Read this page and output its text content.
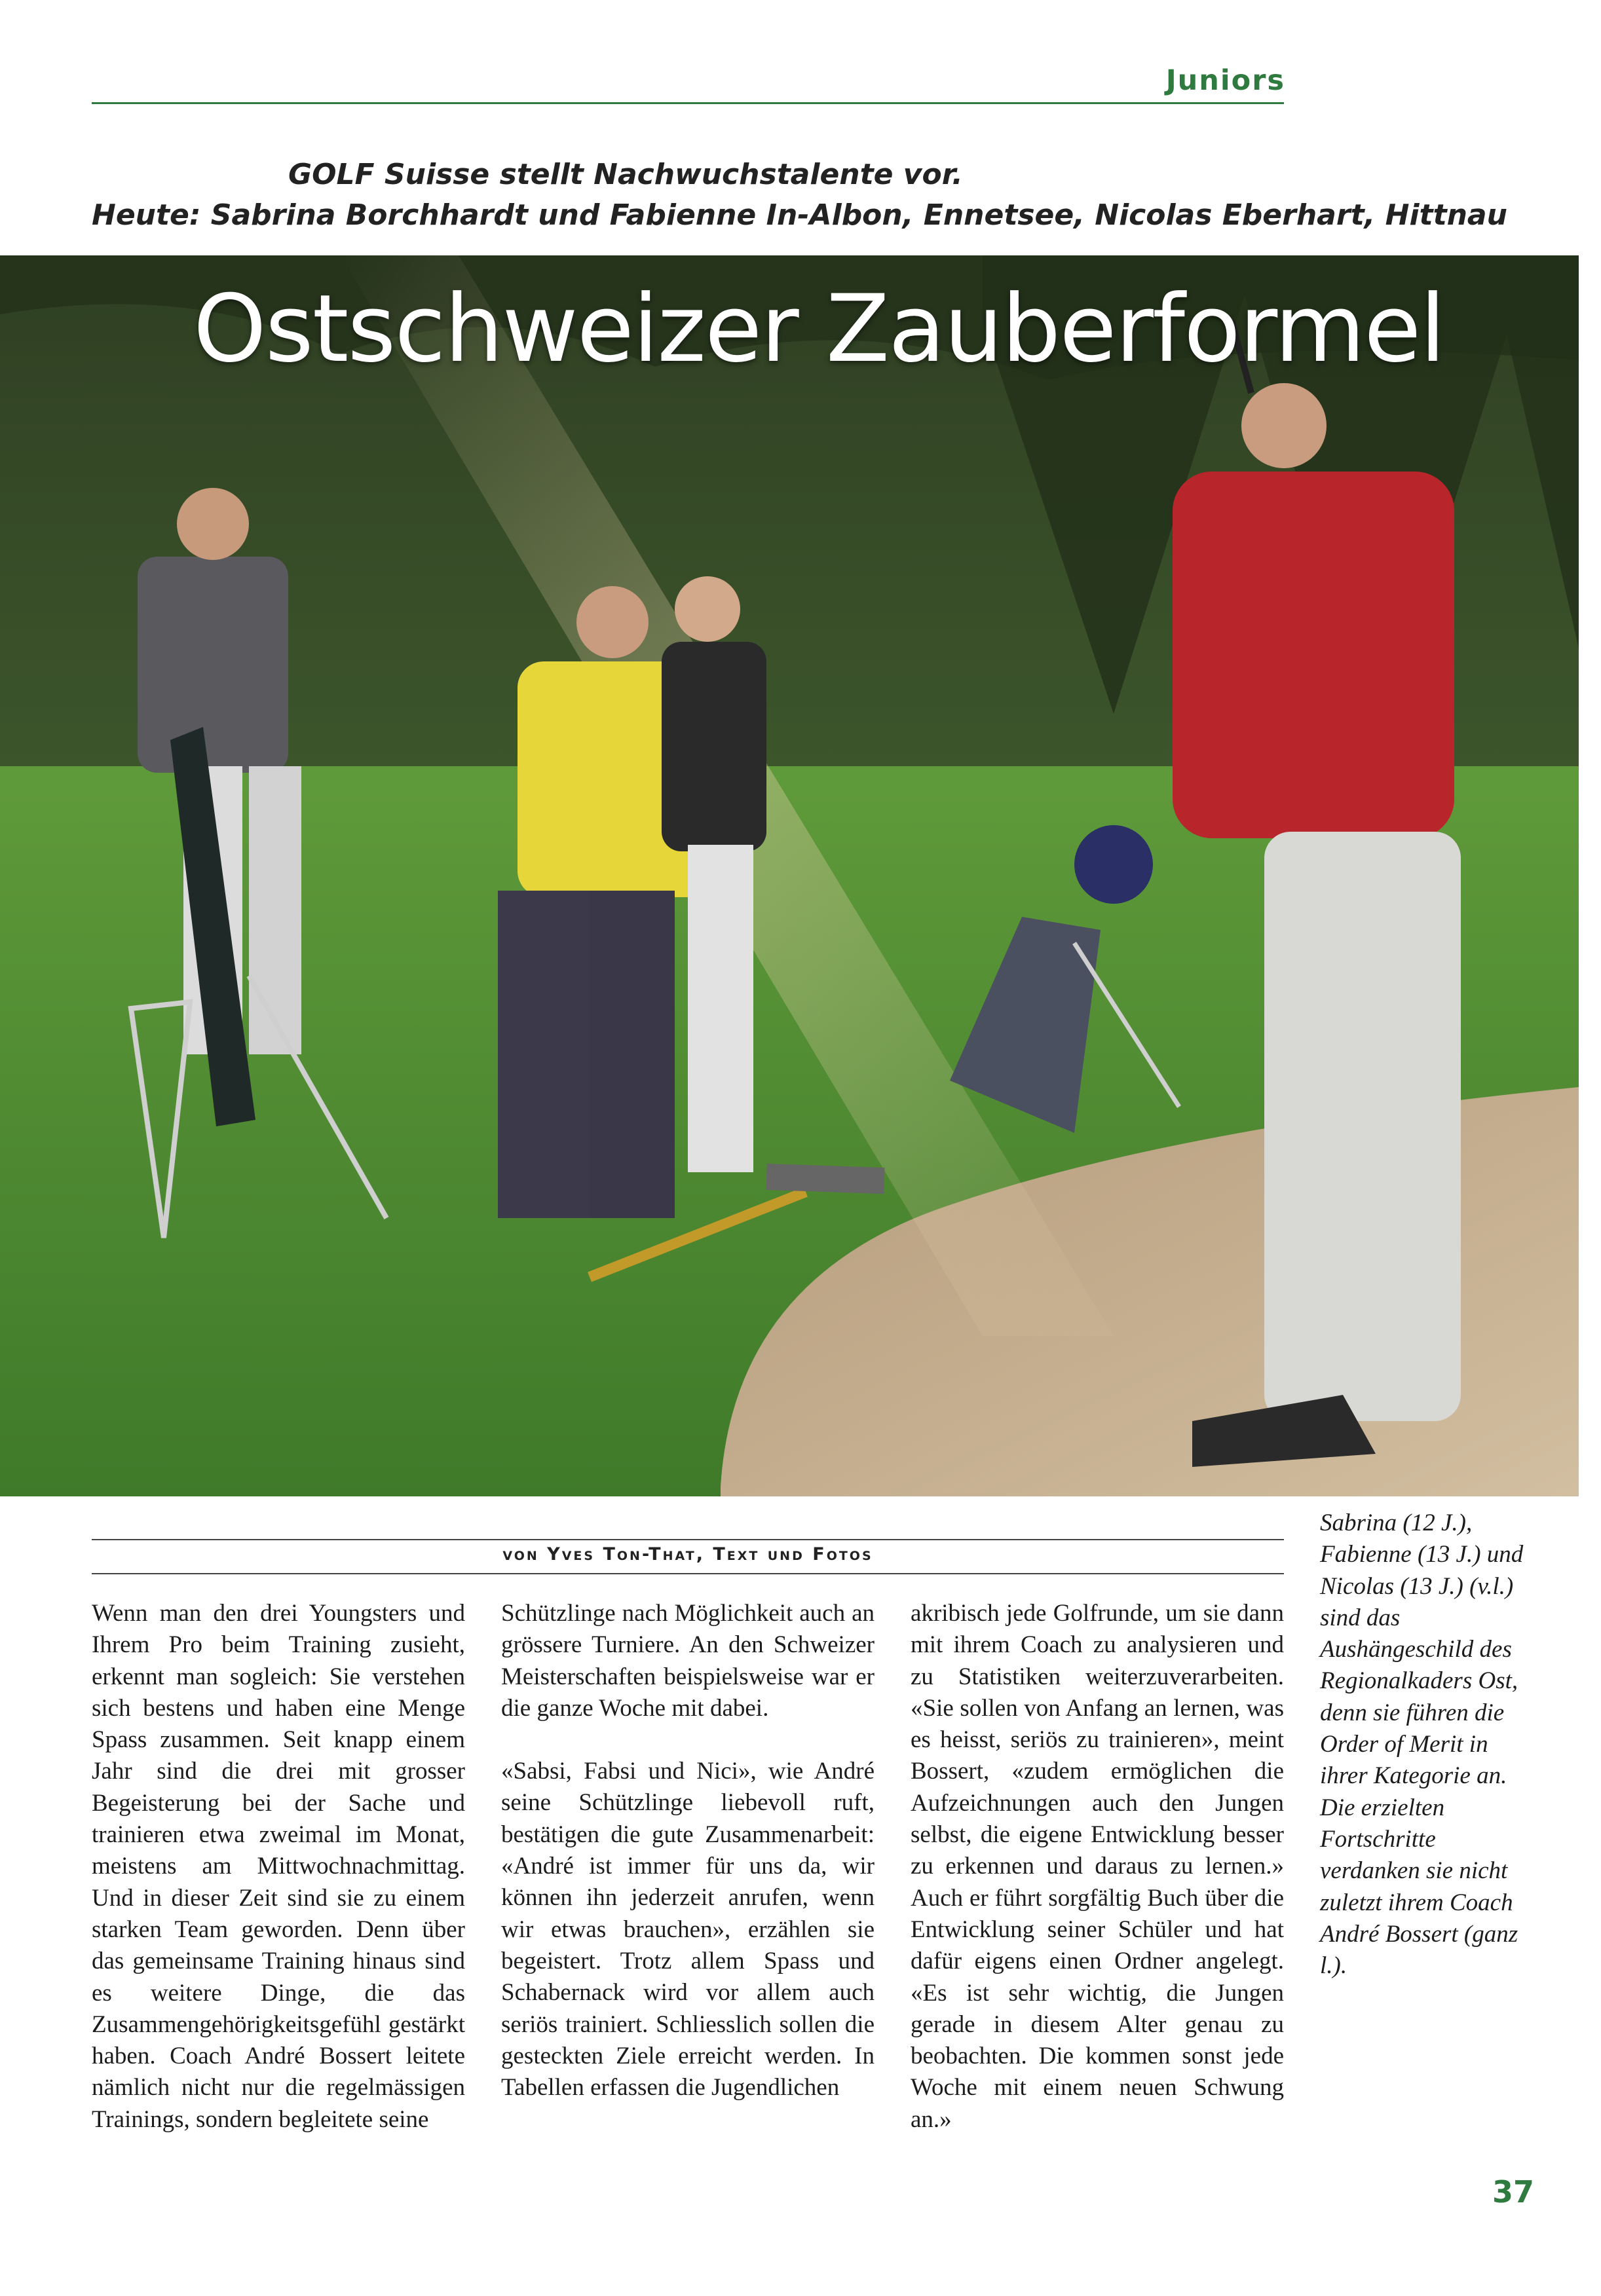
Juniors
GOLF Suisse stellt Nachwuchstalente vor.
Heute: Sabrina Borchhardt und Fabienne In-Albon, Ennetsee, Nicolas Eberhart, Hittnau
Ostschweizer Zauberformel
von Yves Ton-That, Text und Fotos

Wenn man den drei Youngsters und Ihrem Pro beim Training zusieht, erkennt man sogleich: Sie verstehen sich bestens und haben eine Menge Spass zusammen. Seit knapp einem Jahr sind die drei mit grosser Begeisterung bei der Sache und trainieren etwa zweimal im Monat, meistens am Mittwochnachmittag. Und in dieser Zeit sind sie zu einem starken Team geworden. Denn über das gemeinsame Training hinaus sind es weitere Dinge, die das Zusammengehörigkeitsgefühl gestärkt haben. Coach André Bossert leitete nämlich nicht nur die regelmässigen Trainings, sondern begleitete seine

Schützlinge nach Möglichkeit auch an grössere Turniere. An den Schweizer Meisterschaften beispielsweise war er die ganze Woche mit dabei.

«Sabsi, Fabsi und Nici», wie André seine Schützlinge liebevoll ruft, bestätigen die gute Zusammenarbeit: «André ist immer für uns da, wir können ihn jederzeit anrufen, wenn wir etwas brauchen», erzählen sie begeistert. Trotz allem Spass und Schabernack wird vor allem auch seriös trainiert. Schliesslich sollen die gesteckten Ziele erreicht werden. In Tabellen erfassen die Jugendlichen

akribisch jede Golfrunde, um sie dann mit ihrem Coach zu analysieren und zu Statistiken weiterzuverarbeiten. «Sie sollen von Anfang an lernen, was es heisst, seriös zu trainieren», meint Bossert, «zudem ermöglichen die Aufzeichnungen auch den Jungen selbst, die eigene Entwicklung besser zu erkennen und daraus zu lernen.» Auch er führt sorgfältig Buch über die Entwicklung seiner Schüler und hat dafür eigens einen Ordner angelegt. «Es ist sehr wichtig, die Jungen gerade in diesem Alter genau zu beobachten. Die kommen sonst jede Woche mit einem neuen Schwung an.»

Sabrina (12 J.), Fabienne (13 J.) und Nicolas (13 J.) (v.l.) sind das Aushängeschild des Regionalkaders Ost, denn sie führen die Order of Merit in ihrer Kategorie an. Die erzielten Fortschritte verdanken sie nicht zuletzt ihrem Coach André Bossert (ganz l.).
37
